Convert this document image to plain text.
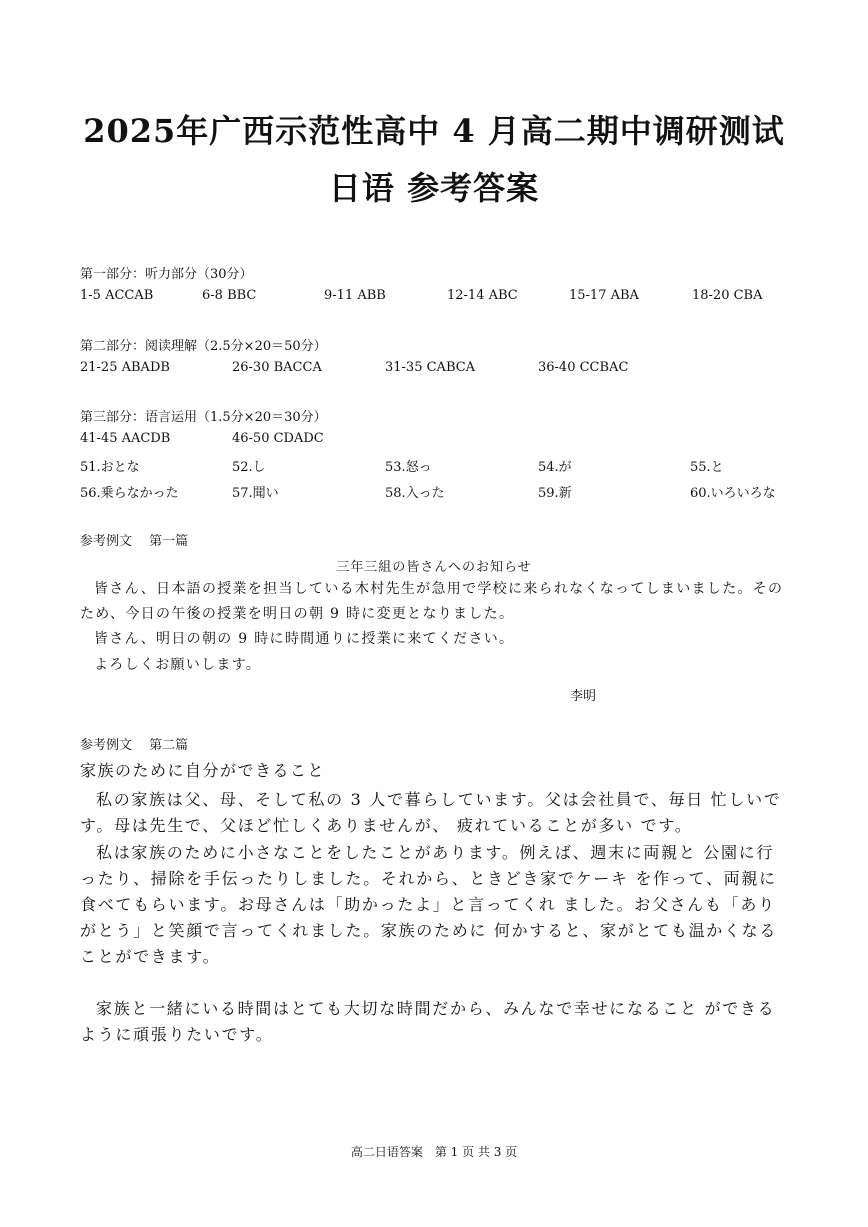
2025年广西示范性高中 4 月高二期中调研测试
日语 参考答案
第一部分：听力部分（30分）
1-5 ACCAB	6-8 BBC	9-11 ABB	12-14 ABC	15-17 ABA	18-20 CBA
第二部分：阅读理解（2.5分×20＝50分）
21-25 ABADB	26-30 BACCA	31-35 CABCA	36-40 CCBAC
第三部分：语言运用（1.5分×20＝30分）
41-45 AACDB	46-50 CDADC
51.おとな	52.し	53.怒っ	54.が	55.と
56.乗らなかった	57.聞い	58.入った	59.新	60.いろいろな
参考例文　 第一篇
三年三組の皆さんへのお知らせ
皆さん、日本語の授業を担当している木村先生が急用で学校に来られなくなってしまいました。そのため、今日の午後の授業を明日の朝 9 時に変更となりました。
皆さん、明日の朝の 9 時に時間通りに授業に来てください。
よろしくお願いします。
李明
参考例文　 第二篇
家族のために自分ができること
私の家族は父、母、そして私の 3 人で暮らしています。父は会社員で、毎日 忙しいです。母は先生で、父ほど忙しくありませんが、 疲れていることが多い です。
私は家族のために小さなことをしたことがあります。例えば、週末に両親と 公園に行ったり、掃除を手伝ったりしました。それから、ときどき家でケーキ を作って、両親に食べてもらいます。お母さんは「助かったよ」と言ってくれ ました。お父さんも「ありがとう」と笑顔で言ってくれました。家族のために 何かすると、家がとても温かくなることができます。
家族と一緒にいる時間はとても大切な時間だから、みんなで幸せになること ができるように頑張りたいです。
高二日语答案　第 1 页 共 3 页
